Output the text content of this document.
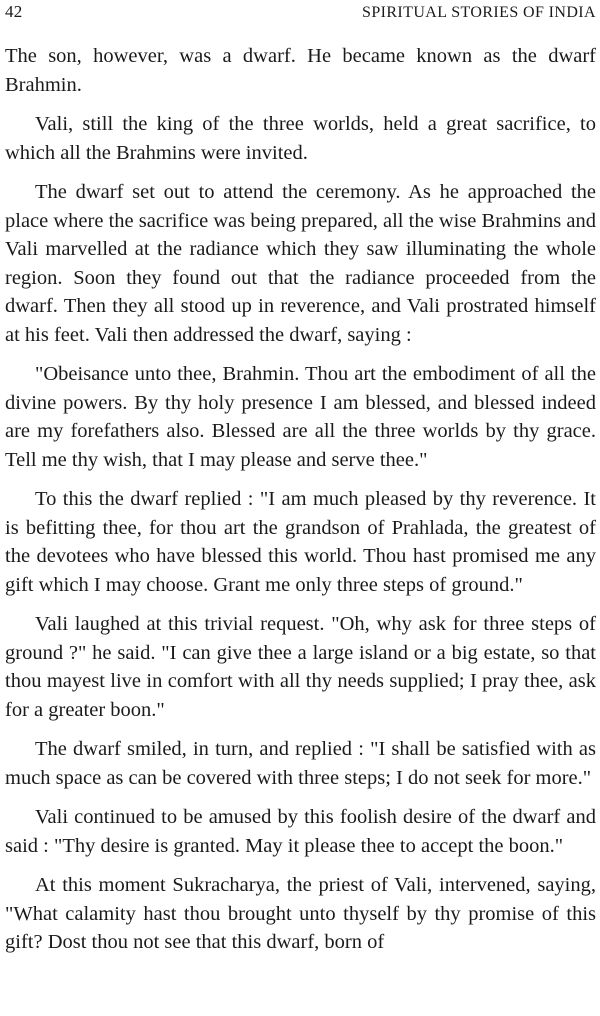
42	SPIRITUAL STORIES OF INDIA

The son, however, was a dwarf. He became known as the dwarf Brahmin.

Vali, still the king of the three worlds, held a great sacrifice, to which all the Brahmins were invited.

The dwarf set out to attend the ceremony. As he approached the place where the sacrifice was being prepared, all the wise Brahmins and Vali marvelled at the radiance which they saw illuminating the whole region. Soon they found out that the radiance proceeded from the dwarf. Then they all stood up in reverence, and Vali prostrated himself at his feet. Vali then addressed the dwarf, saying :

"Obeisance unto thee, Brahmin. Thou art the embodiment of all the divine powers. By thy holy presence I am blessed, and blessed indeed are my forefathers also. Blessed are all the three worlds by thy grace. Tell me thy wish, that I may please and serve thee."

To this the dwarf replied : "I am much pleased by thy reverence. It is befitting thee, for thou art the grandson of Prahlada, the greatest of the devotees who have blessed this world. Thou hast promised me any gift which I may choose. Grant me only three steps of ground."

Vali laughed at this trivial request. "Oh, why ask for three steps of ground ?" he said. "I can give thee a large island or a big estate, so that thou mayest live in comfort with all thy needs supplied; I pray thee, ask for a greater boon."

The dwarf smiled, in turn, and replied : "I shall be satisfied with as much space as can be covered with three steps; I do not seek for more."

Vali continued to be amused by this foolish desire of the dwarf and said : "Thy desire is granted. May it please thee to accept the boon."

At this moment Sukracharya, the priest of Vali, intervened, saying, "What calamity hast thou brought unto thyself by thy promise of this gift? Dost thou not see that this dwarf, born of
